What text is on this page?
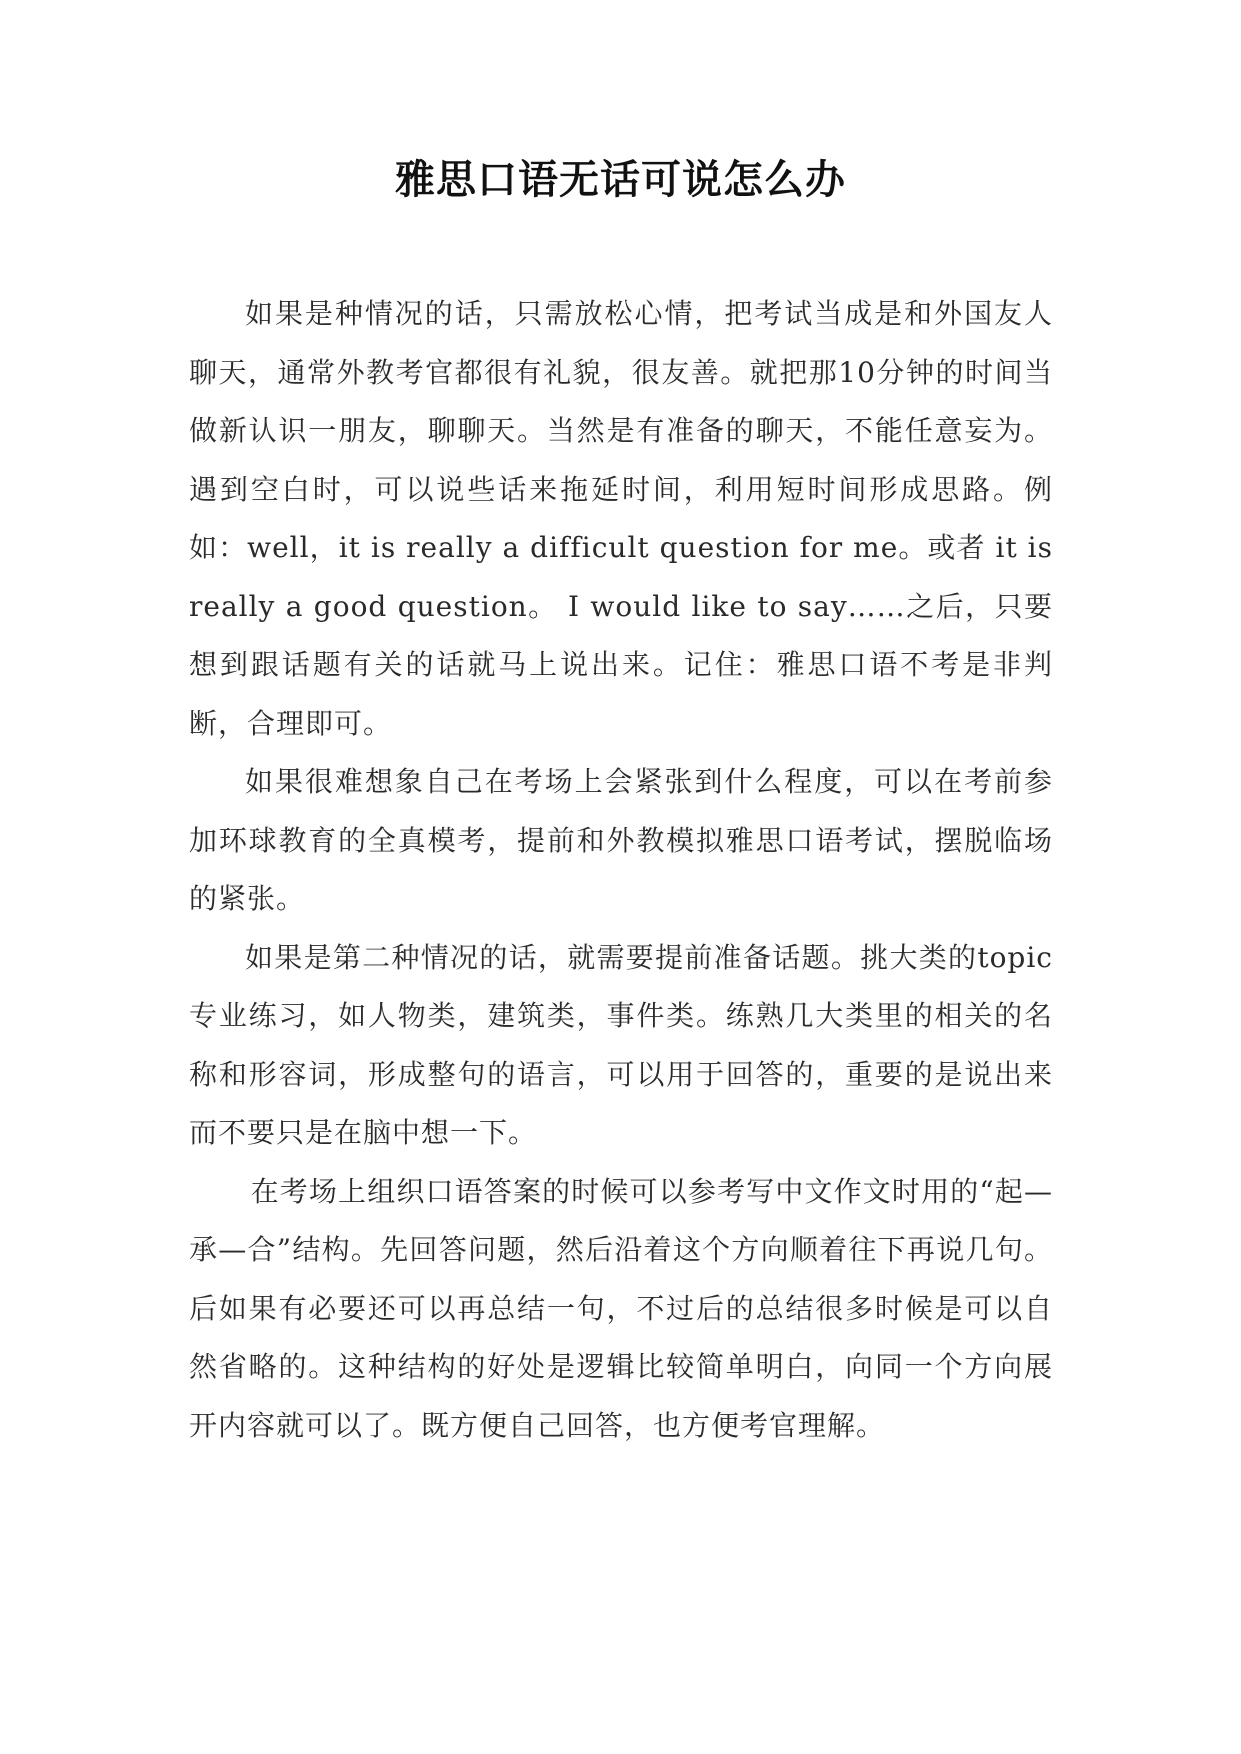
雅思口语无话可说怎么办

如果是种情况的话，只需放松心情，把考试当成是和外国友人聊天，通常外教考官都很有礼貌，很友善。就把那10分钟的时间当做新认识一朋友，聊聊天。当然是有准备的聊天，不能任意妄为。遇到空白时，可以说些话来拖延时间，利用短时间形成思路。例如：well，it is really a difficult question for me。或者 it is really a good question。 I would like to say……之后，只要想到跟话题有关的话就马上说出来。记住：雅思口语不考是非判断，合理即可。

如果很难想象自己在考场上会紧张到什么程度，可以在考前参加环球教育的全真模考，提前和外教模拟雅思口语考试，摆脱临场的紧张。

如果是第二种情况的话，就需要提前准备话题。挑大类的topic专业练习，如人物类，建筑类，事件类。练熟几大类里的相关的名称和形容词，形成整句的语言，可以用于回答的，重要的是说出来而不要只是在脑中想一下。

在考场上组织口语答案的时候可以参考写中文作文时用的“起—承—合”结构。先回答问题，然后沿着这个方向顺着往下再说几句。后如果有必要还可以再总结一句，不过后的总结很多时候是可以自然省略的。这种结构的好处是逻辑比较简单明白，向同一个方向展开内容就可以了。既方便自己回答，也方便考官理解。
